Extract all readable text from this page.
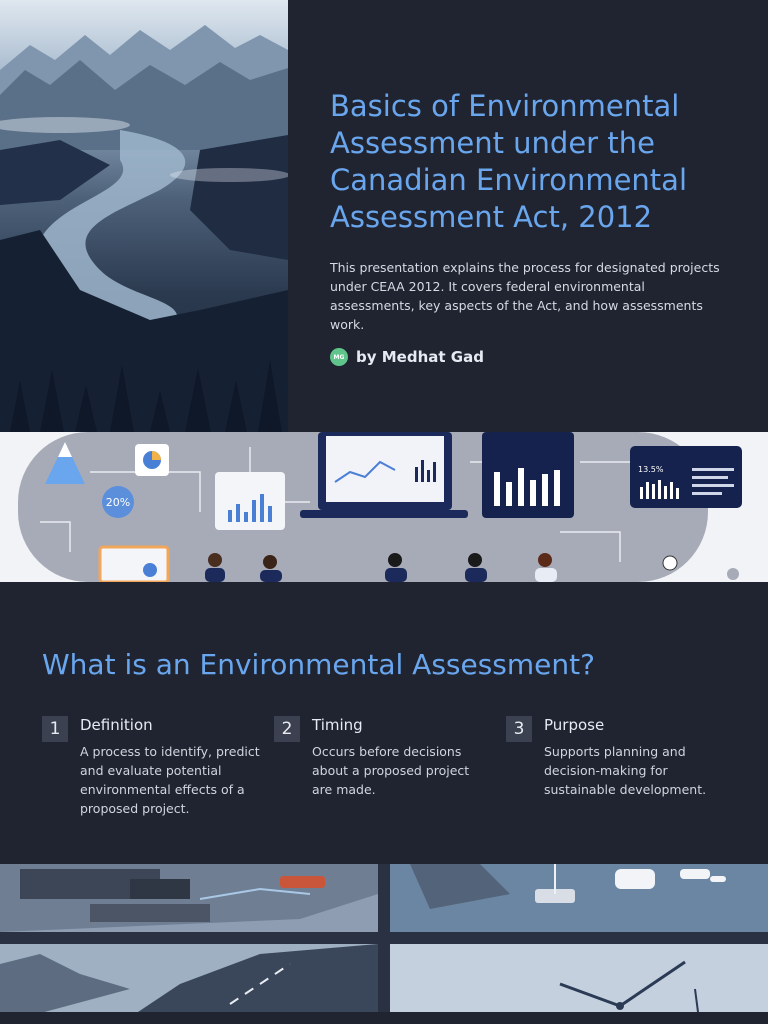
Basics of Environmental Assessment under the Canadian Environmental Assessment Act, 2012
This presentation explains the process for designated projects under CEAA 2012. It covers federal environmental assessments, key aspects of the Act, and how assessments work.
MG by Medhat Gad
20%
13.5%
What is an Environmental Assessment?
1	Definition
A process to identify, predict and evaluate potential environmental effects of a proposed project.
2	Timing
Occurs before decisions about a proposed project are made.
3	Purpose
Supports planning and decision-making for sustainable development.
